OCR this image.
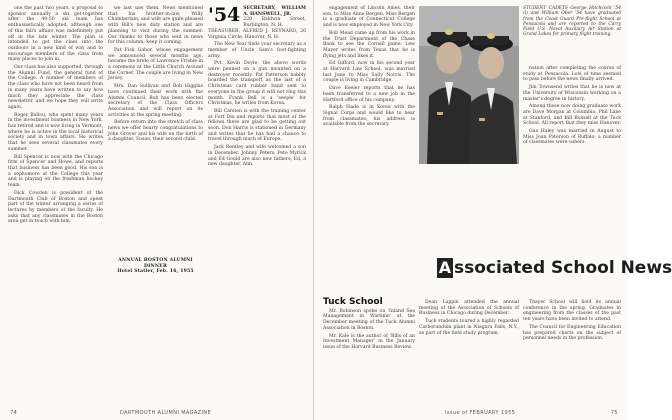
one the past two years, a proposal to sponsor annually a ski get-together after the 40-50 ski team has enthusiastically adopted, although one of this fall's affairs was indefinitely put off in the late winter. The plan is intended to get the class into the outdoors in a new kind of way and to encourage members of the class from many places to join in.

Our class has also supported, through the Alumni Fund, the general fund of the College. A number of members of the class who have not been heard from in many years have written to say how much they appreciate the class newsletter, and we hope they will write again.

Roger Ballou, who spent many years in the investment business in New York, has retired and is now living in Vermont, where he is active in the local historical society and in town affairs. He writes that he sees several classmates every summer.

Bill Spencer is now with the Chicago firm of Spencer and Howe, and reports that business has been good. His son is a sophomore at the College this year and is playing on the freshman hockey team.

Dick Cowden is president of the Dartmouth Club of Boston and spent part of the winter arranging a series of lectures by members of the faculty. He asks that any classmates in the Boston area get in touch with him.

we last saw them. News mentioned that his brother-in-law, Willy Chamberlain, and wife are quite pleased with Bill's new duty station and are planning to visit during the summer. Our thanks to those who sent in news for this column; keep it coming.

Pat Fisk Gabor, whose engagement we announced several months ago, became the bride of Lawrence Frisbie in a ceremony at the Little Church Around the Corner. The couple are living in New Jersey.

Mrs. Dan Sullivan and Bob Higgins have continued their work with the Alumni Council. Bob has been elected secretary of the Class Officers Association and will report on its activities at the spring meeting.

Before return into the stretch of class news we offer hearty congratulations to John Grover and his wife on the birth of a daughter, Susan, their second child.

ANNUAL BOSTON ALUMNI DINNER
Hotel Statler, Feb. 16, 1955
'54 SECRETARY, WILLIAM A. HANSWELL, JR.
220 Baldwin Street, Burlington, N. H.
TREASURER, ALFRED J. REYNARD, 26 Virginia Circle, Hanover, N. H.

The New Year finds your secretary as a member of Uncle Sam's foot-fighting army.

Pvt. Kevin Doyle, the above words were penned on a gun mounted on a destroyer recently. Pat Patterson babbly boarded the transport as the last of a Christmas card rubber band sent to everyone in the group it will not ring this month. Frank Bell is a 'seeple' for Christmas, he writes from Korea.

Bill Carsten is with the training center at Fort Dix and reports that most of the fellows there are glad to be getting out soon. Don Harris is stationed in Germany and writes that he has had a chance to travel through much of Europe.

Jack Bentley and wife welcomed a son in December. Johnny Peters, Pete Myrick and Ed Gould are also new fathers; Ed, a new daughter, Ann.

74	DARTMOUTH ALUMNI MAGAZINE

engagement of Lincoln Ames, their son, to Miss Anne Bergen. Miss Bergen is a graduate of Connecticut College and is now employed in New York City.

Bob Mead came up from his work in the Trust Department of the Chase Bank to see the Cornell game. Lew Mayer writes from Texas that he is flying jets and likes it.

Ed Gifford, now in his second year at Harvard Law School, was married last June to Miss Sally Norris. The couple is living in Cambridge.

Dave Keeler reports that he has been transferred to a new job in the Hartford office of his company.

Ralph Slade is in Korea with the Signal Corps and would like to hear from classmates; his address is available from the secretary.

STUDENT CADETS George Hitchcock '54 (l) and William Ober '54 have graduated from the Coast Guard Pre-flight School at Pensacola and are reported to the Carry Field U.S. Naval Auxiliary Air Station at Grand Lakes for primary flight training.

nation after completing the course of study at Pensacola. Lots of time seemed to pass before the news finally arrived.

Jim Townsend writes that he is now at the University of Wisconsin working on a master's degree in history.

Among those now doing graduate work are Dave Morgan at Columbia, Phil Lane at Stanford, and Bill Russell at the Tuck School. All report that they miss Hanover.

Gus Haley was married in August to Miss Joan Paterson of Buffalo; a number of classmates were ushers.

A ssociated School News
Tuck School

Mr. Robinson spoke on 'Inland Sea Management in Wartime' at the December meeting of the Tuck Alumni Association in Boston.

Mr. Kale is the author of 'Bills of an Investment Manager' in the January issue of the Harvard Business Review.

Dean Lappin attended the annual meeting of the Association of Schools of Business in Chicago during December.

Tuck students toured a highly regarded Carborundum plant in Niagara Falls, N.Y., as part of the field study program.

Thayer School will hold its annual conference in the spring. Graduates in engineering from the classes of the past ten years have been invited to attend.

The Council for Engineering Education has prepared charts on the subject of personnel needs in the profession.

Issue of FEBRUARY 1955	75
